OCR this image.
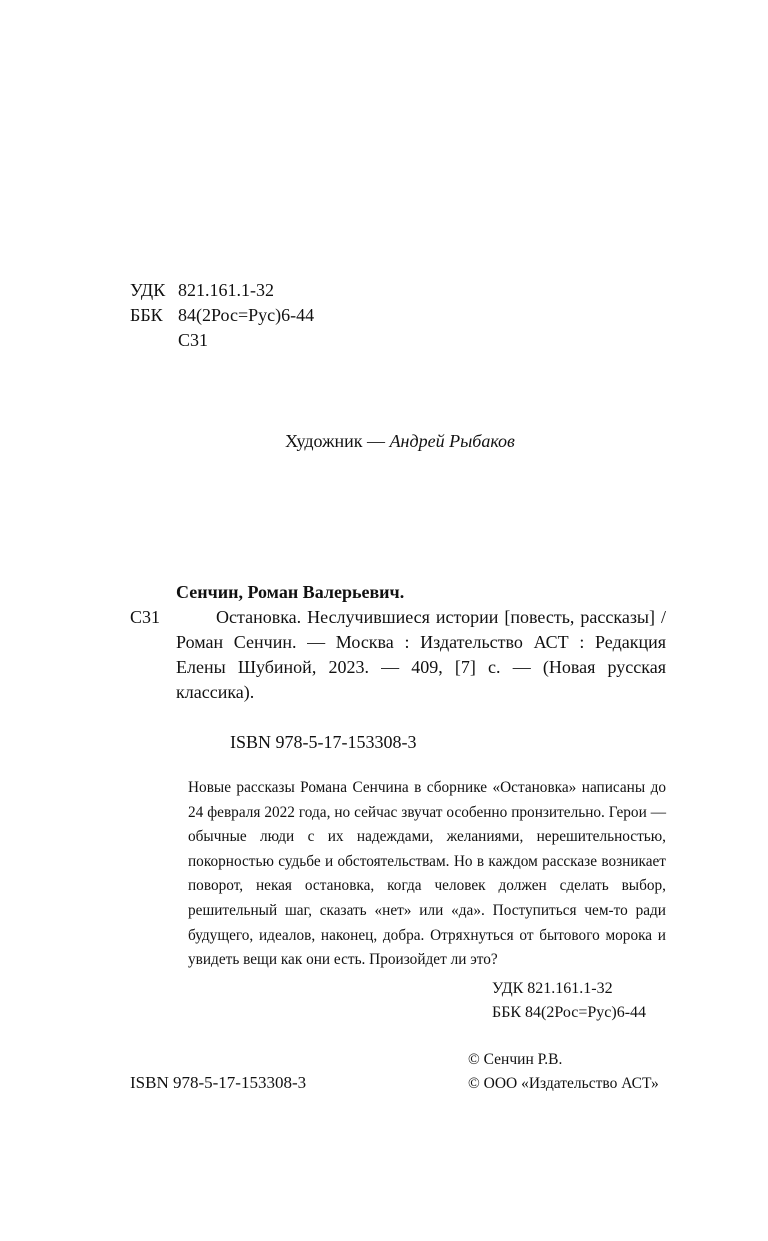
УДК 821.161.1-32
ББК 84(2Рос=Рус)6-44
С31
Художник — Андрей Рыбаков
Сенчин, Роман Валерьевич.
С31	Остановка. Неслучившиеся истории [повесть, рассказы] / Роман Сенчин. — Москва : Издательство АСТ : Редакция Елены Шубиной, 2023. — 409, [7] с. — (Новая русская классика).
ISBN 978-5-17-153308-3
Новые рассказы Романа Сенчина в сборнике «Остановка» написаны до 24 февраля 2022 года, но сейчас звучат особенно пронзительно. Герои — обычные люди с их надеждами, желаниями, нерешительностью, покорностью судьбе и обстоятельствам. Но в каждом рассказе возникает поворот, некая остановка, когда человек должен сделать выбор, решительный шаг, сказать «нет» или «да». Поступиться чем-то ради будущего, идеалов, наконец, добра. Отряхнуться от бытового морока и увидеть вещи как они есть. Произойдет ли это?
УДК 821.161.1-32
ББК 84(2Рос=Рус)6-44
ISBN 978-5-17-153308-3
© Сенчин Р.В.
© ООО «Издательство АСТ»
